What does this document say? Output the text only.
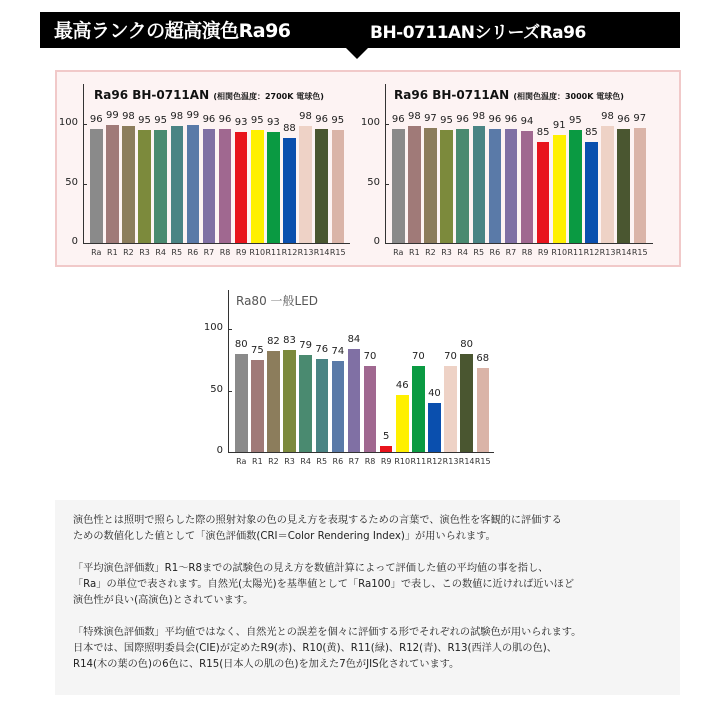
最高ランクの超高演色Ra96	BH-0711ANシリーズRa96
Ra96 BH-0711AN (相関色温度：2700K 電球色)
0
50
100	96
Ra
99
R1
98
R2
95
R3
95
R4
98
R5
99
R6
96
R7
96
R8
93
R9
95
R10
93
R11
88
R12
98
R13
96
R14
95
R15
Ra96 BH-0711AN (相関色温度：3000K 電球色)
0
50
100	96
Ra
98
R1
97
R2
95
R3
96
R4
98
R5
96
R6
96
R7
94
R8
85
R9
91
R10
95
R11
85
R12
98
R13
96
R14
97
R15
Ra80 一般LED
0
50
100
80
Ra
75
R1
82
R2
83
R3
79
R4
76
R5
74
R6
84
R7
70
R8
5
R9
46
R10
70
R11
40
R12
70
R13
80
R14
68
R15

演色性とは照明で照らした際の照射対象の色の見え方を表現するための言葉で、演色性を客観的に評価する
ための数値化した値として「演色評価数(CRI＝Color Rendering Index)」が用いられます。

「平均演色評価数」R1～R8までの試験色の見え方を数値計算によって評価した値の平均値の事を指し、
「Ra」の単位で表されます。自然光(太陽光)を基準値として「Ra100」で表し、この数値に近ければ近いほど
演色性が良い(高演色)とされています。

「特殊演色評価数」平均値ではなく、自然光との誤差を個々に評価する形でそれぞれの試験色が用いられます。
日本では、国際照明委員会(CIE)が定めたR9(赤)、R10(黄)、R11(緑)、R12(青)、R13(西洋人の肌の色)、
R14(木の葉の色)の6色に、R15(日本人の肌の色)を加えた7色がJIS化されています。
